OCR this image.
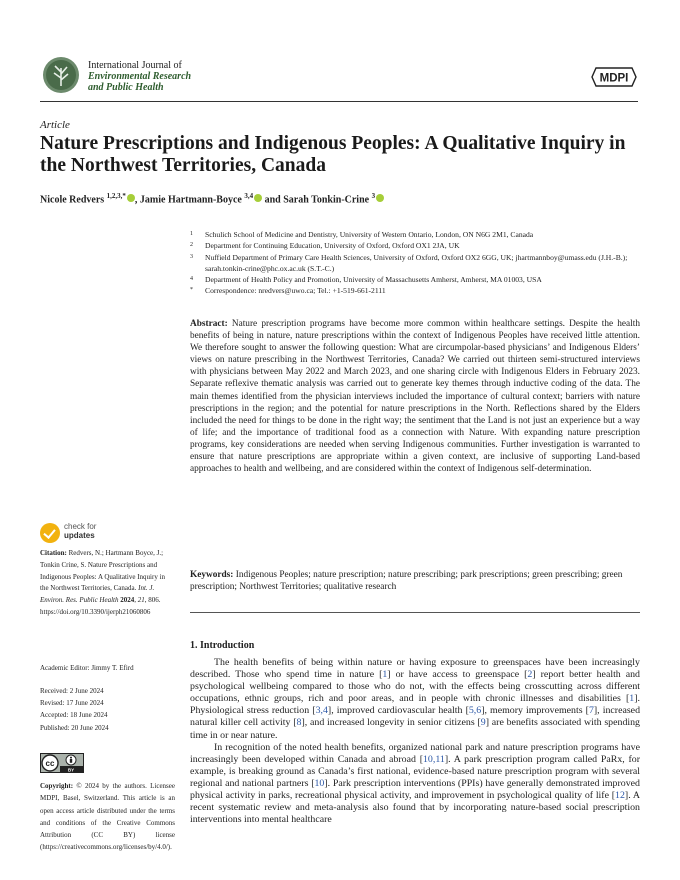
International Journal of
Environmental Research
and Public Health
MDPI
Article
Nature Prescriptions and Indigenous Peoples: A Qualitative Inquiry in the Northwest Territories, Canada
Nicole Redvers $^{1,2,3,*}$ , Jamie Hartmann-Boyce $^{3,4}$ and Sarah Tonkin-Crine $^3$
1	Schulich School of Medicine and Dentistry, University of Western Ontario, London, ON N6G 2M1, Canada
2	Department for Continuing Education, University of Oxford, Oxford OX1 2JA, UK
3	Nuffield Department of Primary Care Health Sciences, University of Oxford, Oxford OX2 6GG, UK; jhartmannboy@umass.edu (J.H.-B.); sarah.tonkin-crine@phc.ox.ac.uk (S.T.-C.)
4	Department of Health Policy and Promotion, University of Massachusetts Amherst, Amherst, MA 01003, USA
*	Correspondence: nredvers@uwo.ca; Tel.: +1-519-661-2111
Abstract: Nature prescription programs have become more common within healthcare settings. Despite the health benefits of being in nature, nature prescriptions within the context of Indigenous Peoples have received little attention. We therefore sought to answer the following question: What are circumpolar-based physicians’ and Indigenous Elders’ views on nature prescribing in the Northwest Territories, Canada? We carried out thirteen semi-structured interviews with physicians between May 2022 and March 2023, and one sharing circle with Indigenous Elders in February 2023. Separate reflexive thematic analysis was carried out to generate key themes through inductive coding of the data. The main themes identified from the physician interviews included the importance of cultural context; barriers with nature prescriptions in the region; and the potential for nature prescriptions in the North. Reflections shared by the Elders included the need for things to be done in the right way; the sentiment that the Land is not just an experience but a way of life; and the importance of traditional food as a connection with Nature. With expanding nature prescription programs, key considerations are needed when serving Indigenous communities. Further investigation is warranted to ensure that nature prescriptions are appropriate within a given context, are inclusive of supporting Land-based approaches to health and wellbeing, and are considered within the context of Indigenous self-determination.
Keywords: Indigenous Peoples; nature prescription; nature prescribing; park prescriptions; green prescribing; green prescription; Northwest Territories; qualitative research
1. Introduction

The health benefits of being within nature or having exposure to greenspaces have been increasingly described. Those who spend time in nature [1] or have access to greenspace [2] report better health and psychological wellbeing compared to those who do not, with the effects being crosscutting across different occupations, ethnic groups, rich and poor areas, and in people with chronic illnesses and disabilities [1]. Physiological stress reduction [3,4], improved cardiovascular health [5,6], memory improvements [7], increased natural killer cell activity [8], and increased longevity in senior citizens [9] are benefits associated with spending time in or near nature.

In recognition of the noted health benefits, organized national park and nature prescription programs have increasingly been developed within Canada and abroad [10,11]. A park prescription program called PaRx, for example, is breaking ground as Canada’s first national, evidence-based nature prescription program with several regional and national partners [10]. Park prescription interventions (PPIs) have generally demonstrated improved physical activity in parks, recreational physical activity, and improvement in psychological quality of life [12]. A recent systematic review and meta-analysis also found that by incorporating nature-based social prescription interventions into mental healthcare

check for
updates
Citation: Redvers, N.; Hartmann Boyce, J.; Tonkin Crine, S. Nature Prescriptions and Indigenous Peoples: A Qualitative Inquiry in the Northwest Territories, Canada. Int. J. Environ. Res. Public Health 2024, 21, 806. https://doi.org/10.3390/ijerph21060806
Academic Editor: Jimmy T. Efird
Received: 2 June 2024
Revised: 17 June 2024
Accepted: 18 June 2024
Published: 20 June 2024
cc
BY
Copyright: © 2024 by the authors. Licensee MDPI, Basel, Switzerland. This article is an open access article distributed under the terms and conditions of the Creative Commons Attribution (CC BY) license (https://creativecommons.org/licenses/by/4.0/).
